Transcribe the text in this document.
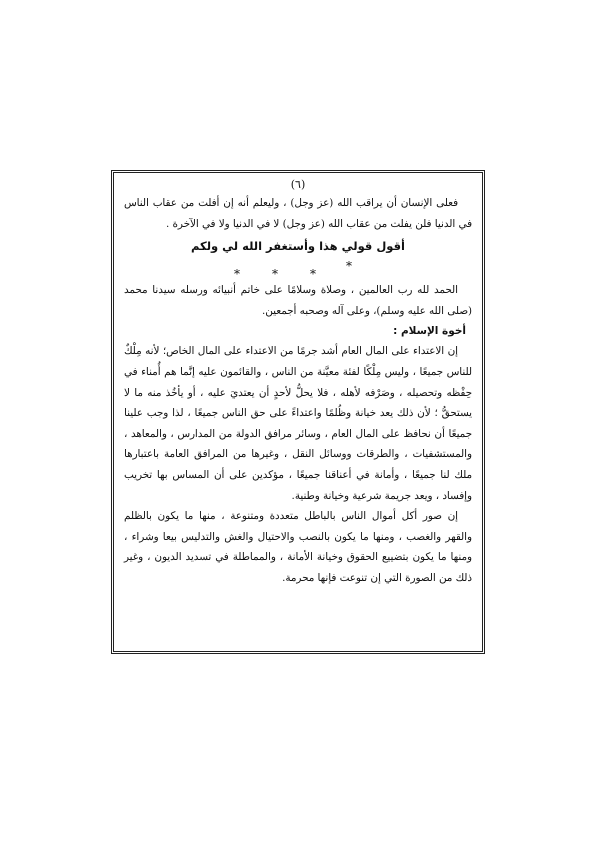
(٦)

فعلى الإنسان أن يراقب الله (عز وجل) ، وليعلم أنه إن أفلت من عقاب الناس في الدنيا فلن يفلت من عقاب الله (عز وجل) لا في الدنيا ولا في الآخرة .

أقول قولي هذا وأستغفر الله لي ولكم
*
*	*
*

الحمد لله رب العالمين ، وصلاة وسلامًا على خاتم أنبيائه ورسله سيدنا محمد (صلى الله عليه وسلم)، وعلى آله وصحبه أجمعين.

أخوة الإسلام :

إن الاعتداء على المال العام أشد جرمًا من الاعتداء على المال الخاص؛ لأنه مِلْكٌ للناس جميعًا ، وليس مِلْكًا لفئة معيَّنة من الناس ، والقائمون عليه إنَّما هم أُمناء في حِفْظه وتحصيله ، وصَرْفه لأهله ، فلا يحلُّ لأحدٍ أن يعتديَ عليه ، أو يأخُذ منه ما لا يستحقُّ ؛ لأن ذلك يعد خيانة وظُلمًا واعتداءً على حق الناس جميعًا ، لذا وجب علينا جميعًا أن نحافظ على المال العام ، وسائر مرافق الدولة من المدارس ، والمعاهد ، والمستشفيات ، والطرقات ووسائل النقل ، وغيرها من المرافق العامة باعتبارها ملك لنا جميعًا ، وأمانة في أعناقنا جميعًا ، مؤكدين على أن المساس بها تخريب وإفساد ، ويعد جريمة شرعية وخيانة وطنية.

إن صور أكل أموال الناس بالباطل متعددة ومتنوعة ، منها ما يكون بالظلم والقهر والغصب ، ومنها ما يكون بالنصب والاحتيال والغش والتدليس بيعا وشراء ، ومنها ما يكون بتضييع الحقوق وخيانة الأمانة ، والمماطلة في تسديد الديون ، وغير ذلك من الصورة التي إن تنوعت فإنها محرمة.
